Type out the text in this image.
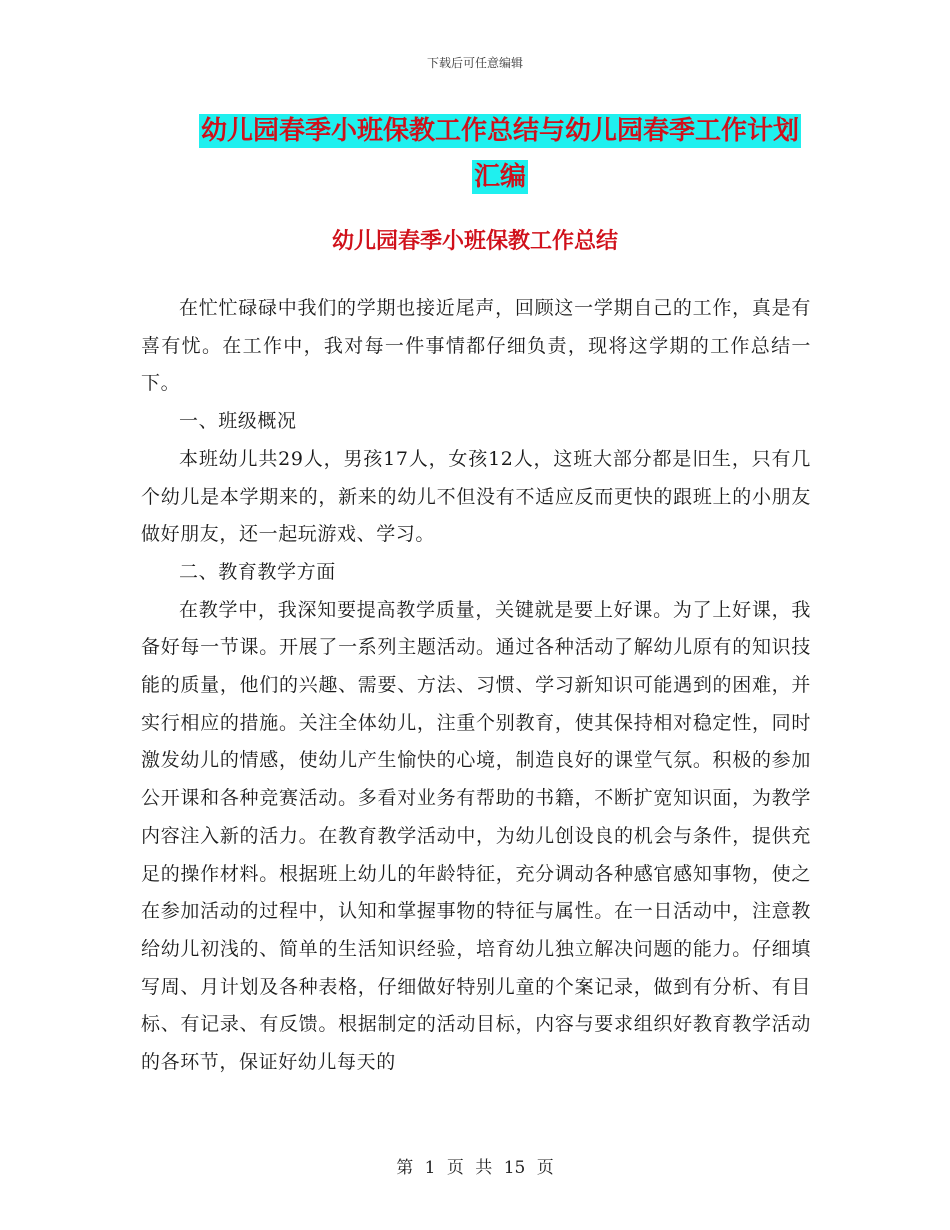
下载后可任意编辑
幼儿园春季小班保教工作总结与幼儿园春季工作计划
汇编
幼儿园春季小班保教工作总结

在忙忙碌碌中我们的学期也接近尾声，回顾这一学期自己的工作，真是有喜有忧。在工作中，我对每一件事情都仔细负责，现将这学期的工作总结一下。

一、班级概况

本班幼儿共29人，男孩17人，女孩12人，这班大部分都是旧生，只有几个幼儿是本学期来的，新来的幼儿不但没有不适应反而更快的跟班上的小朋友做好朋友，还一起玩游戏、学习。

二、教育教学方面

在教学中，我深知要提高教学质量，关键就是要上好课。为了上好课，我备好每一节课。开展了一系列主题活动。通过各种活动了解幼儿原有的知识技能的质量，他们的兴趣、需要、方法、习惯、学习新知识可能遇到的困难，并实行相应的措施。关注全体幼儿，注重个别教育，使其保持相对稳定性，同时激发幼儿的情感，使幼儿产生愉快的心境，制造良好的课堂气氛。积极的参加公开课和各种竞赛活动。多看对业务有帮助的书籍，不断扩宽知识面，为教学内容注入新的活力。在教育教学活动中，为幼儿创设良的机会与条件，提供充足的操作材料。根据班上幼儿的年龄特征，充分调动各种感官感知事物，使之在参加活动的过程中，认知和掌握事物的特征与属性。在一日活动中，注意教给幼儿初浅的、简单的生活知识经验，培育幼儿独立解决问题的能力。仔细填写周、月计划及各种表格，仔细做好特别儿童的个案记录，做到有分析、有目标、有记录、有反馈。根据制定的活动目标，内容与要求组织好教育教学活动的各环节，保证好幼儿每天的

第 1 页 共 15 页
